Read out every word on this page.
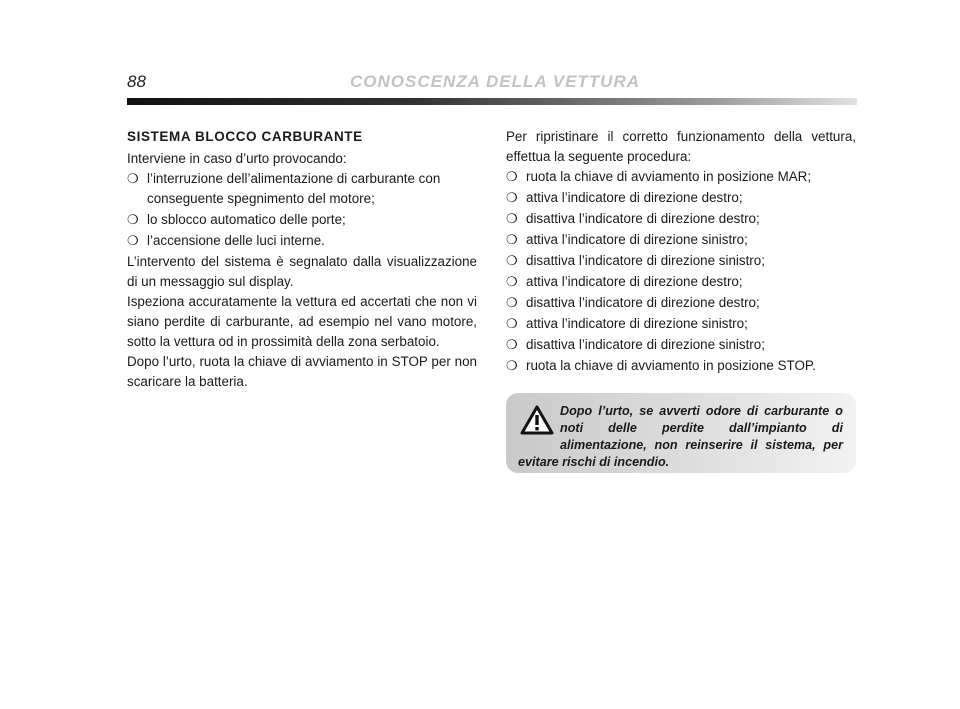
88	CONOSCENZA DELLA VETTURA
SISTEMA BLOCCO CARBURANTE

Interviene in caso d’urto provocando:

❍ l’interruzione dell’alimentazione di carburante con conseguente spegnimento del motore;
❍ lo sblocco automatico delle porte;
❍ l’accensione delle luci interne.

L’intervento del sistema è segnalato dalla visualizzazione di un messaggio sul display.

Ispeziona accuratamente la vettura ed accertati che non vi siano perdite di carburante, ad esempio nel vano motore, sotto la vettura od in prossimità della zona serbatoio.

Dopo l’urto, ruota la chiave di avviamento in STOP per non scaricare la batteria.

Per ripristinare il corretto funzionamento della vettura, effettua la seguente procedura:

❍ ruota la chiave di avviamento in posizione MAR;
❍ attiva l’indicatore di direzione destro;
❍ disattiva l’indicatore di direzione destro;
❍ attiva l’indicatore di direzione sinistro;
❍ disattiva l’indicatore di direzione sinistro;
❍ attiva l’indicatore di direzione destro;
❍ disattiva l’indicatore di direzione destro;
❍ attiva l’indicatore di direzione sinistro;
❍ disattiva l’indicatore di direzione sinistro;
❍ ruota la chiave di avviamento in posizione STOP.

Dopo l’urto, se avverti odore di carburante o noti delle perdite dall’impianto di alimentazione, non reinserire il sistema, per evitare rischi di incendio.
